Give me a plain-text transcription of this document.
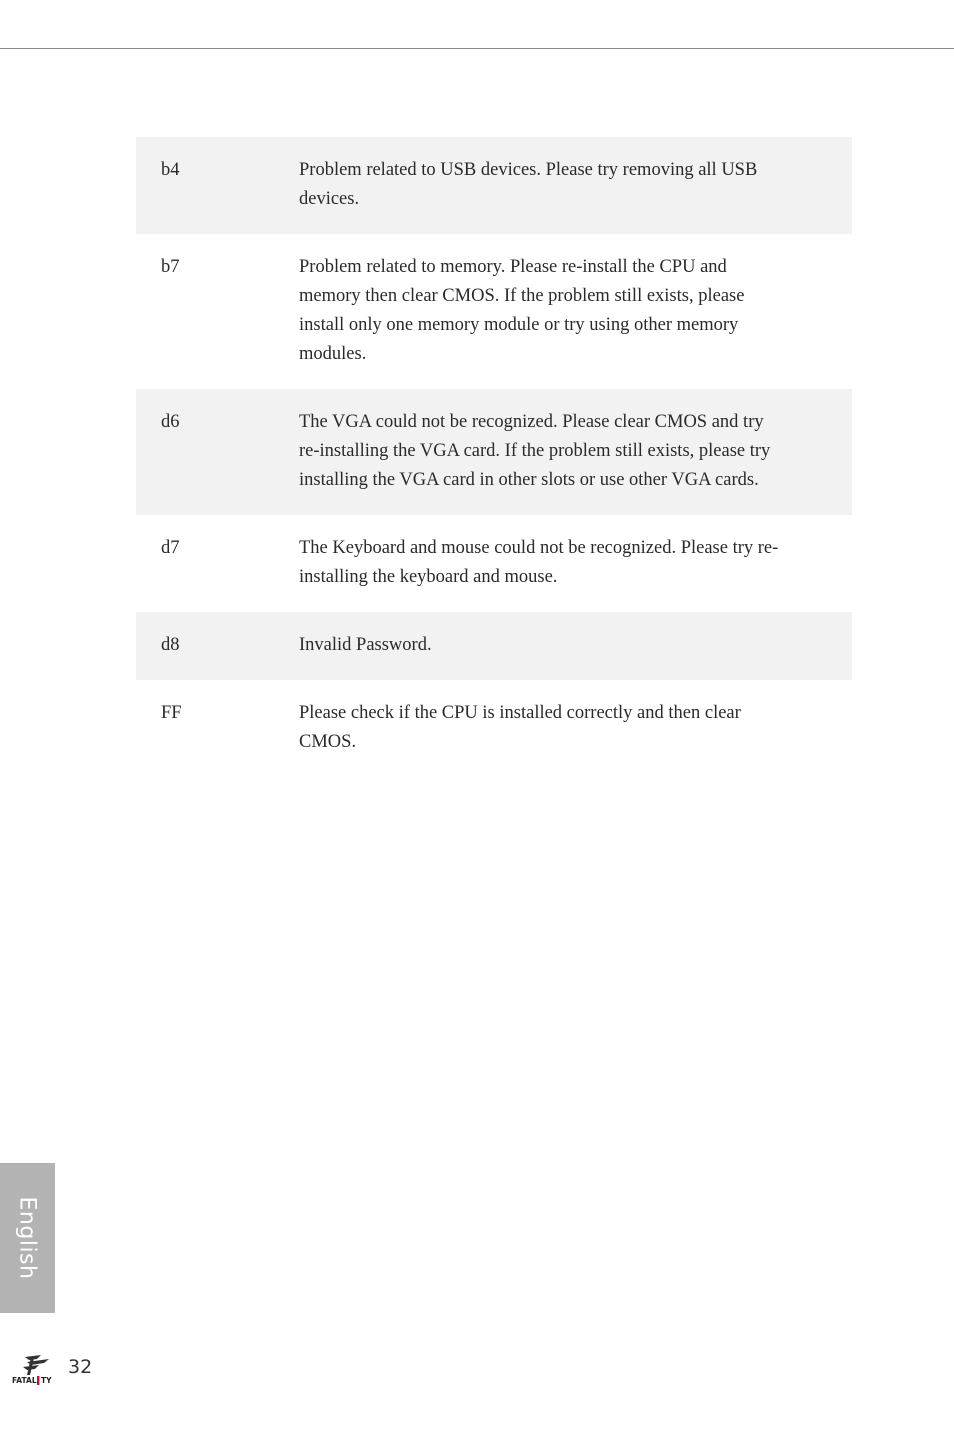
b4	Problem related to USB devices. Please try removing all USB devices.
b7	Problem related to memory. Please re-install the CPU and memory then clear CMOS. If the problem still exists, please install only one memory module or try using other memory modules.
d6	The VGA could not be recognized. Please clear CMOS and try re-installing the VGA card. If the problem still exists, please try installing the VGA card in other slots or use other VGA cards.
d7	The Keyboard and mouse could not be recognized. Please try re-installing the keyboard and mouse.
d8	Invalid Password.
FF	Please check if the CPU is installed correctly and then clear CMOS.
English
FATAL TY
32
